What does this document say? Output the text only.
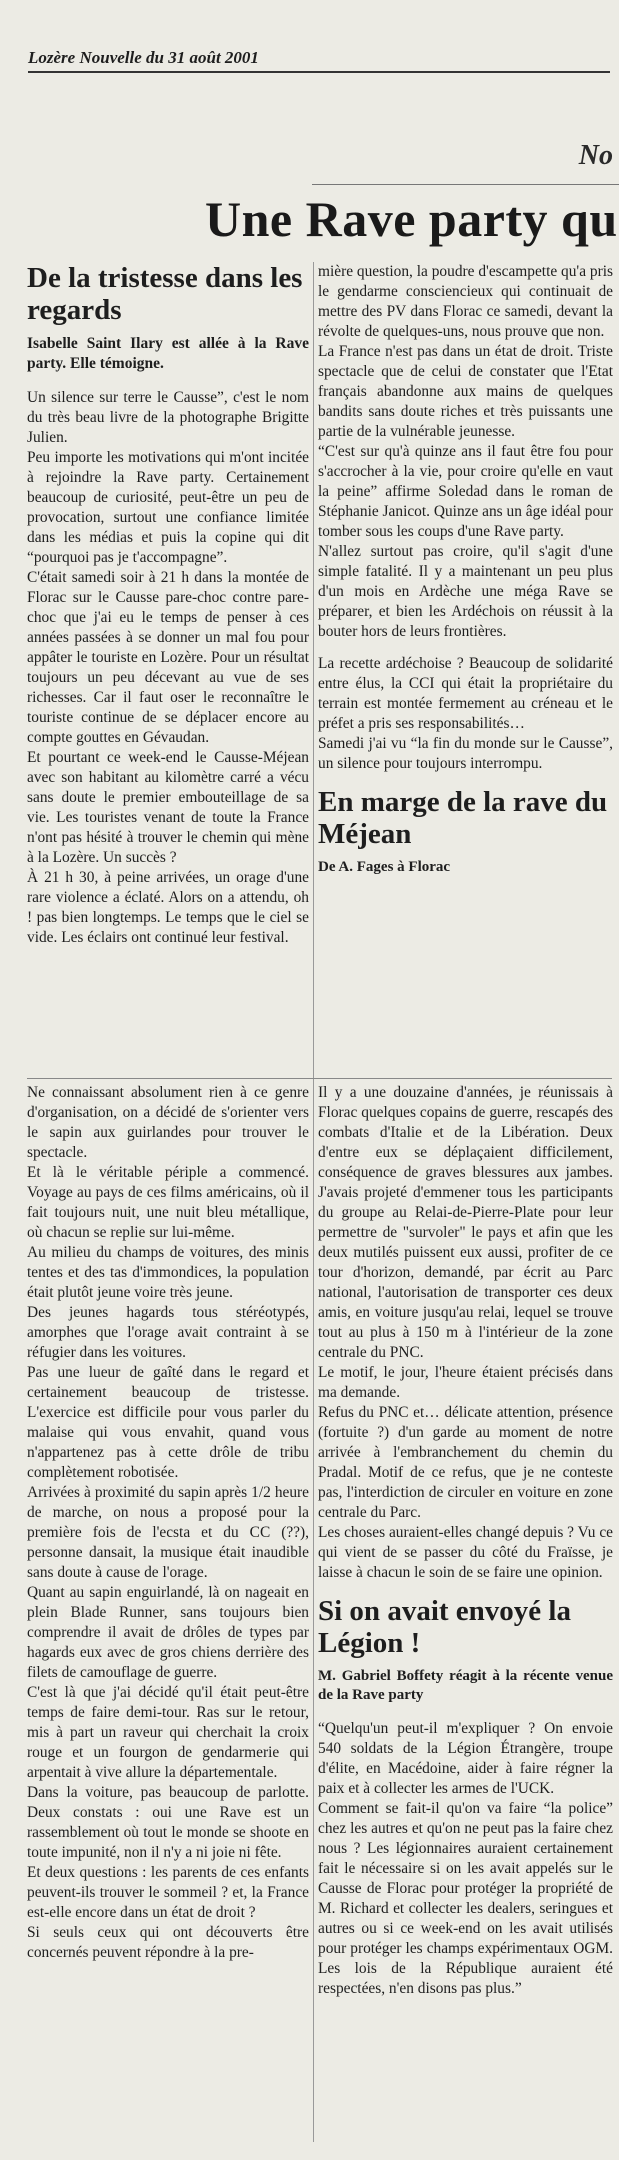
Lozère Nouvelle du 31 août 2001
No
Une Rave party qu
De la tristesse dans les regards
Isabelle Saint Ilary est allée à la Rave party. Elle témoigne.

Un silence sur terre le Causse”, c'est le nom du très beau livre de la photographe Brigitte Julien.

Peu importe les motivations qui m'ont incitée à rejoindre la Rave party. Certainement beaucoup de curiosité, peut-être un peu de provocation, surtout une confiance limitée dans les médias et puis la copine qui dit “pourquoi pas je t'accompagne”.

C'était samedi soir à 21 h dans la montée de Florac sur le Causse pare-choc contre pare-choc que j'ai eu le temps de penser à ces années passées à se donner un mal fou pour appâter le touriste en Lozère. Pour un résultat toujours un peu décevant au vue de ses richesses. Car il faut oser le reconnaître le touriste continue de se déplacer encore au compte gouttes en Gévaudan.

Et pourtant ce week-end le Causse-Méjean avec son habitant au kilomètre carré a vécu sans doute le premier embouteillage de sa vie. Les touristes venant de toute la France n'ont pas hésité à trouver le chemin qui mène à la Lozère. Un succès ?

À 21 h 30, à peine arrivées, un orage d'une rare violence a éclaté. Alors on a attendu, oh ! pas bien longtemps. Le temps que le ciel se vide. Les éclairs ont continué leur festival.

mière question, la poudre d'escampette qu'a pris le gendarme consciencieux qui continuait de mettre des PV dans Florac ce samedi, devant la révolte de quelques-uns, nous prouve que non.

La France n'est pas dans un état de droit. Triste spectacle que de celui de constater que l'Etat français abandonne aux mains de quelques bandits sans doute riches et très puissants une partie de la vulnérable jeunesse.

“C'est sur qu'à quinze ans il faut être fou pour s'accrocher à la vie, pour croire qu'elle en vaut la peine” affirme Soledad dans le roman de Stéphanie Janicot. Quinze ans un âge idéal pour tomber sous les coups d'une Rave party.

N'allez surtout pas croire, qu'il s'agit d'une simple fatalité. Il y a maintenant un peu plus d'un mois en Ardèche une méga Rave se préparer, et bien les Ardéchois on réussit à la bouter hors de leurs frontières.

La recette ardéchoise ? Beaucoup de solidarité entre élus, la CCI qui était la propriétaire du terrain est montée fermement au créneau et le préfet a pris ses responsabilités…

Samedi j'ai vu “la fin du monde sur le Causse”, un silence pour toujours interrompu.

En marge de la rave du Méjean
De A. Fages à Florac

Ne connaissant absolument rien à ce genre d'organisation, on a décidé de s'orienter vers le sapin aux guirlandes pour trouver le spectacle.

Et là le véritable périple a commencé. Voyage au pays de ces films américains, où il fait toujours nuit, une nuit bleu métallique, où chacun se replie sur lui-même.

Au milieu du champs de voitures, des minis tentes et des tas d'immondices, la population était plutôt jeune voire très jeune.

Des jeunes hagards tous stéréotypés, amorphes que l'orage avait contraint à se réfugier dans les voitures.

Pas une lueur de gaîté dans le regard et certainement beaucoup de tristesse. L'exercice est difficile pour vous parler du malaise qui vous envahit, quand vous n'appartenez pas à cette drôle de tribu complètement robotisée.

Arrivées à proximité du sapin après 1/2 heure de marche, on nous a proposé pour la première fois de l'ecsta et du CC (??), personne dansait, la musique était inaudible sans doute à cause de l'orage.

Quant au sapin enguirlandé, là on nageait en plein Blade Runner, sans toujours bien comprendre il avait de drôles de types par hagards eux avec de gros chiens derrière des filets de camouflage de guerre.

C'est là que j'ai décidé qu'il était peut-être temps de faire demi-tour. Ras sur le retour, mis à part un raveur qui cherchait la croix rouge et un fourgon de gendarmerie qui arpentait à vive allure la départementale.

Dans la voiture, pas beaucoup de parlotte. Deux constats : oui une Rave est un rassemblement où tout le monde se shoote en toute impunité, non il n'y a ni joie ni fête.

Et deux questions : les parents de ces enfants peuvent-ils trouver le sommeil ? et, la France est-elle encore dans un état de droit ?

Si seuls ceux qui ont découverts être concernés peuvent répondre à la pre-

Il y a une douzaine d'années, je réunissais à Florac quelques copains de guerre, rescapés des combats d'Italie et de la Libération. Deux d'entre eux se déplaçaient difficilement, conséquence de graves blessures aux jambes. J'avais projeté d'emmener tous les participants du groupe au Relai-de-Pierre-Plate pour leur permettre de "survoler" le pays et afin que les deux mutilés puissent eux aussi, profiter de ce tour d'horizon, demandé, par écrit au Parc national, l'autorisation de transporter ces deux amis, en voiture jusqu'au relai, lequel se trouve tout au plus à 150 m à l'intérieur de la zone centrale du PNC.

Le motif, le jour, l'heure étaient précisés dans ma demande.

Refus du PNC et… délicate attention, présence (fortuite ?) d'un garde au moment de notre arrivée à l'embranchement du chemin du Pradal. Motif de ce refus, que je ne conteste pas, l'interdiction de circuler en voiture en zone centrale du Parc.

Les choses auraient-elles changé depuis ? Vu ce qui vient de se passer du côté du Fraïsse, je laisse à chacun le soin de se faire une opinion.

Si on avait envoyé la Légion !
M. Gabriel Boffety réagit à la récente venue de la Rave party

“Quelqu'un peut-il m'expliquer ? On envoie 540 soldats de la Légion Étrangère, troupe d'élite, en Macédoine, aider à faire régner la paix et à collecter les armes de l'UCK.

Comment se fait-il qu'on va faire “la police” chez les autres et qu'on ne peut pas la faire chez nous ? Les légionnaires auraient certainement fait le nécessaire si on les avait appelés sur le Causse de Florac pour protéger la propriété de M. Richard et collecter les dealers, seringues et autres ou si ce week-end on les avait utilisés pour protéger les champs expérimentaux OGM. Les lois de la République auraient été respectées, n'en disons pas plus.”
